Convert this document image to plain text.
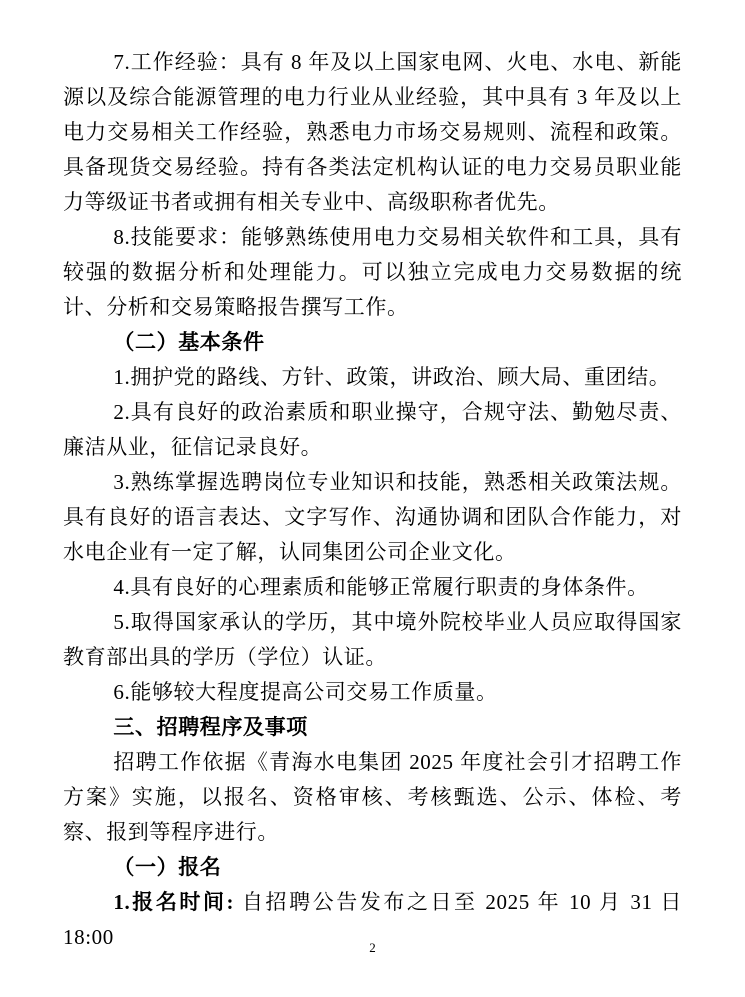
7.工作经验：具有 8 年及以上国家电网、火电、水电、新能源以及综合能源管理的电力行业从业经验，其中具有 3 年及以上电力交易相关工作经验，熟悉电力市场交易规则、流程和政策。具备现货交易经验。持有各类法定机构认证的电力交易员职业能力等级证书者或拥有相关专业中、高级职称者优先。

8.技能要求：能够熟练使用电力交易相关软件和工具，具有较强的数据分析和处理能力。可以独立完成电力交易数据的统计、分析和交易策略报告撰写工作。

（二）基本条件

1.拥护党的路线、方针、政策，讲政治、顾大局、重团结。

2.具有良好的政治素质和职业操守，合规守法、勤勉尽责、廉洁从业，征信记录良好。

3.熟练掌握选聘岗位专业知识和技能，熟悉相关政策法规。具有良好的语言表达、文字写作、沟通协调和团队合作能力，对水电企业有一定了解，认同集团公司企业文化。

4.具有良好的心理素质和能够正常履行职责的身体条件。

5.取得国家承认的学历，其中境外院校毕业人员应取得国家教育部出具的学历（学位）认证。

6.能够较大程度提高公司交易工作质量。

三、招聘程序及事项

招聘工作依据《青海水电集团 2025 年度社会引才招聘工作方案》实施，以报名、资格审核、考核甄选、公示、体检、考察、报到等程序进行。

（一）报名

1.报名时间: 自招聘公告发布之日至 2025 年 10 月 31 日 18:00	2
